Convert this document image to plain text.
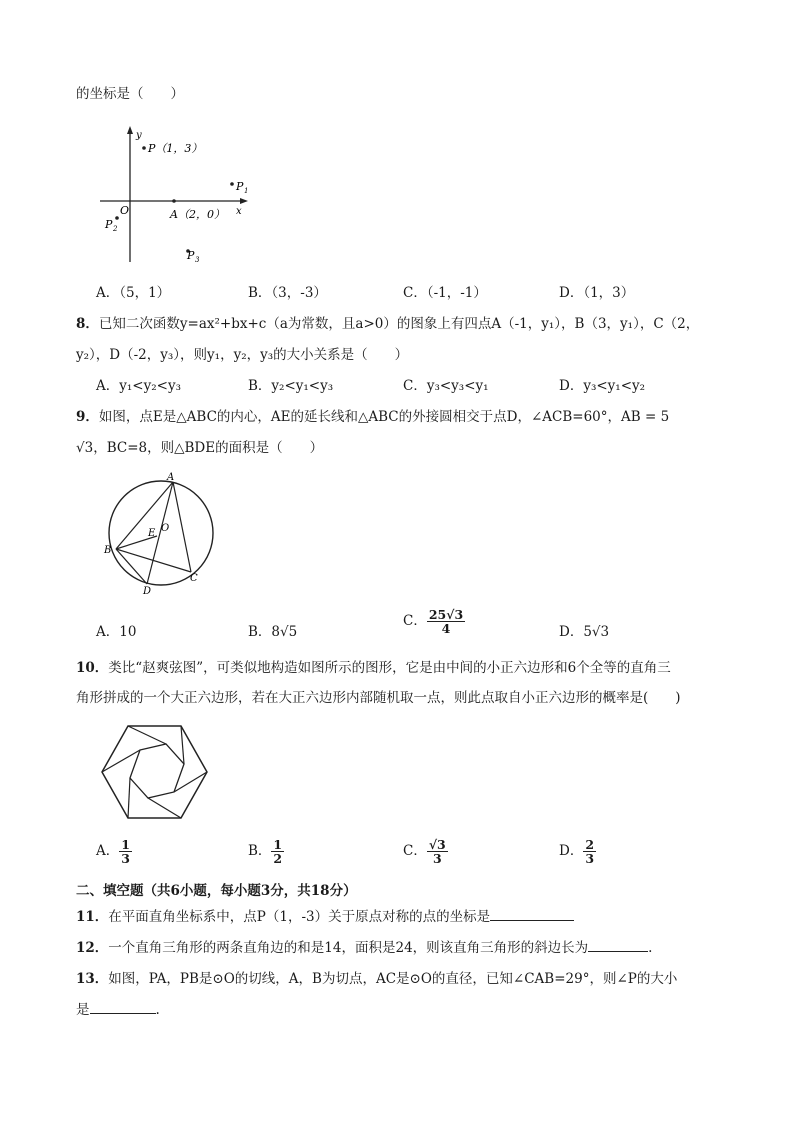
的坐标是（　　）
y
x
O
P（1，3）
A（2，0）
P 1
P 2
P 3
A．（5，1）	B．（3，-3）	C．（-1，-1）	D．（1，3）
8．已知二次函数y=ax²+bx+c（a为常数，且a>0）的图象上有四点A（-1，y₁），B（3，y₁），C（2，
y₂），D（-2，y₃），则y₁，y₂，y₃的大小关系是（　　）
A．y₁<y₂<y₃	B．y₂<y₁<y₃	C．y₃<y₃<y₁	D．y₃<y₁<y₂
9．如图，点E是△ABC的内心，AE的延长线和△ABC的外接圆相交于点D，∠ACB=60°，AB = 5
√3，BC=8，则△BDE的面积是（　　）
A
B
C
D
E O
A．10	B．8√5
C． $\frac{25√3}{4}$	D．5√3
10．类比“赵爽弦图”，可类似地构造如图所示的图形，它是由中间的小正六边形和6个全等的直角三
角形拼成的一个大正六边形，若在大正六边形内部随机取一点，则此点取自小正六边形的概率是(　　)
A． $\frac{1}{3}$	B． $\frac{1}{2}$	C． $\frac{√3}{3}$	D． $\frac{2}{3}$
二、填空题（共6小题，每小题3分，共18分）
11．在平面直角坐标系中，点P（1，-3）关于原点对称的点的坐标是
12．一个直角三角形的两条直角边的和是14，面积是24，则该直角三角形的斜边长为	.
13．如图，PA，PB是⊙O的切线，A，B为切点，AC是⊙O的直径，已知∠CAB=29°，则∠P的大小
是	.
